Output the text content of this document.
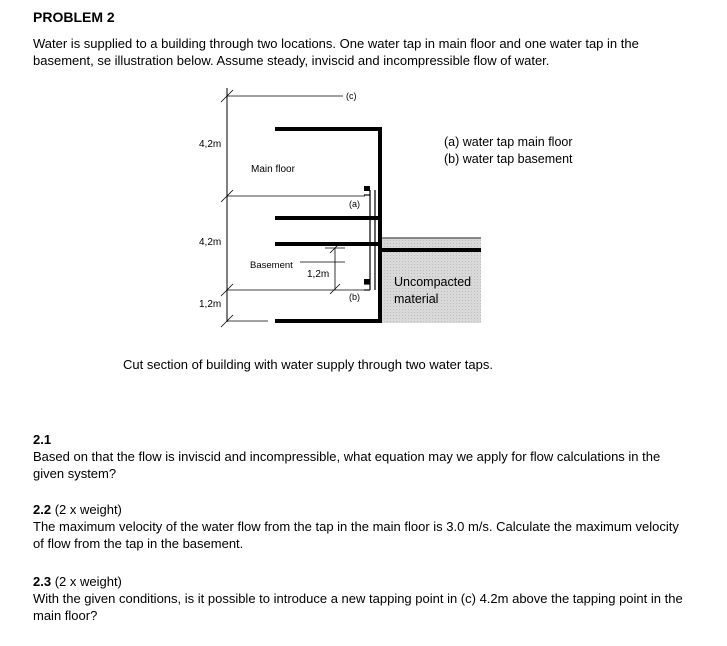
PROBLEM 2
Water is supplied to a building through two locations. One water tap in main floor and one water tap in the basement, se illustration below. Assume steady, inviscid and incompressible flow of water.
(c)
(a)
(b)
4,2m
4,2m
1,2m
1,2m
Main floor
Basement
(a) water tap main floor
(b) water tap basement
Uncompacted
material
Cut section of building with water supply through two water taps.
2.1
Based on that the flow is inviscid and incompressible, what equation may we apply for flow calculations in the given system?
2.2 (2 x weight)
The maximum velocity of the water flow from the tap in the main floor is 3.0 m/s. Calculate the maximum velocity of flow from the tap in the basement.
2.3 (2 x weight)
With the given conditions, is it possible to introduce a new tapping point in (c) 4.2m above the tapping point in the main floor?
